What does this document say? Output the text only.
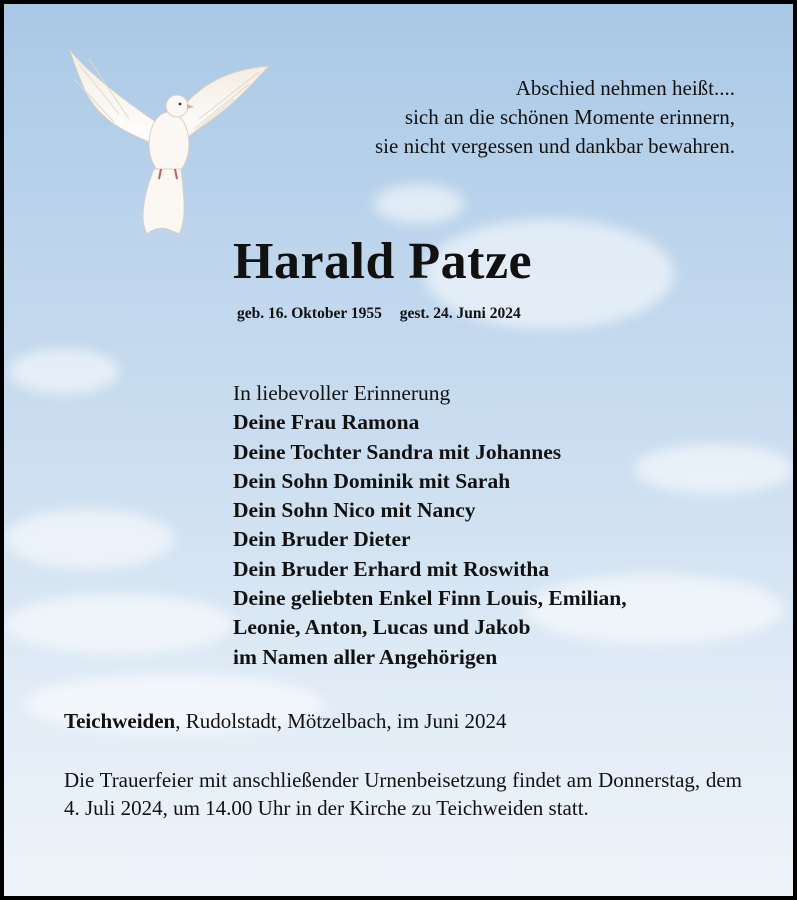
Abschied nehmen heißt....
sich an die schönen Momente erinnern,
sie nicht vergessen und dankbar bewahren.
Harald Patze
geb. 16. Oktober 1955 gest. 24. Juni 2024
In liebevoller Erinnerung
Deine Frau Ramona
Deine Tochter Sandra mit Johannes
Dein Sohn Dominik mit Sarah
Dein Sohn Nico mit Nancy
Dein Bruder Dieter
Dein Bruder Erhard mit Roswitha
Deine geliebten Enkel Finn Louis, Emilian,
Leonie, Anton, Lucas und Jakob
im Namen aller Angehörigen
Teichweiden, Rudolstadt, Mötzelbach, im Juni 2024
Die Trauerfeier mit anschließender Urnenbeisetzung findet am Donnerstag, dem 4. Juli 2024, um 14.00 Uhr in der Kirche zu Teichweiden statt.
